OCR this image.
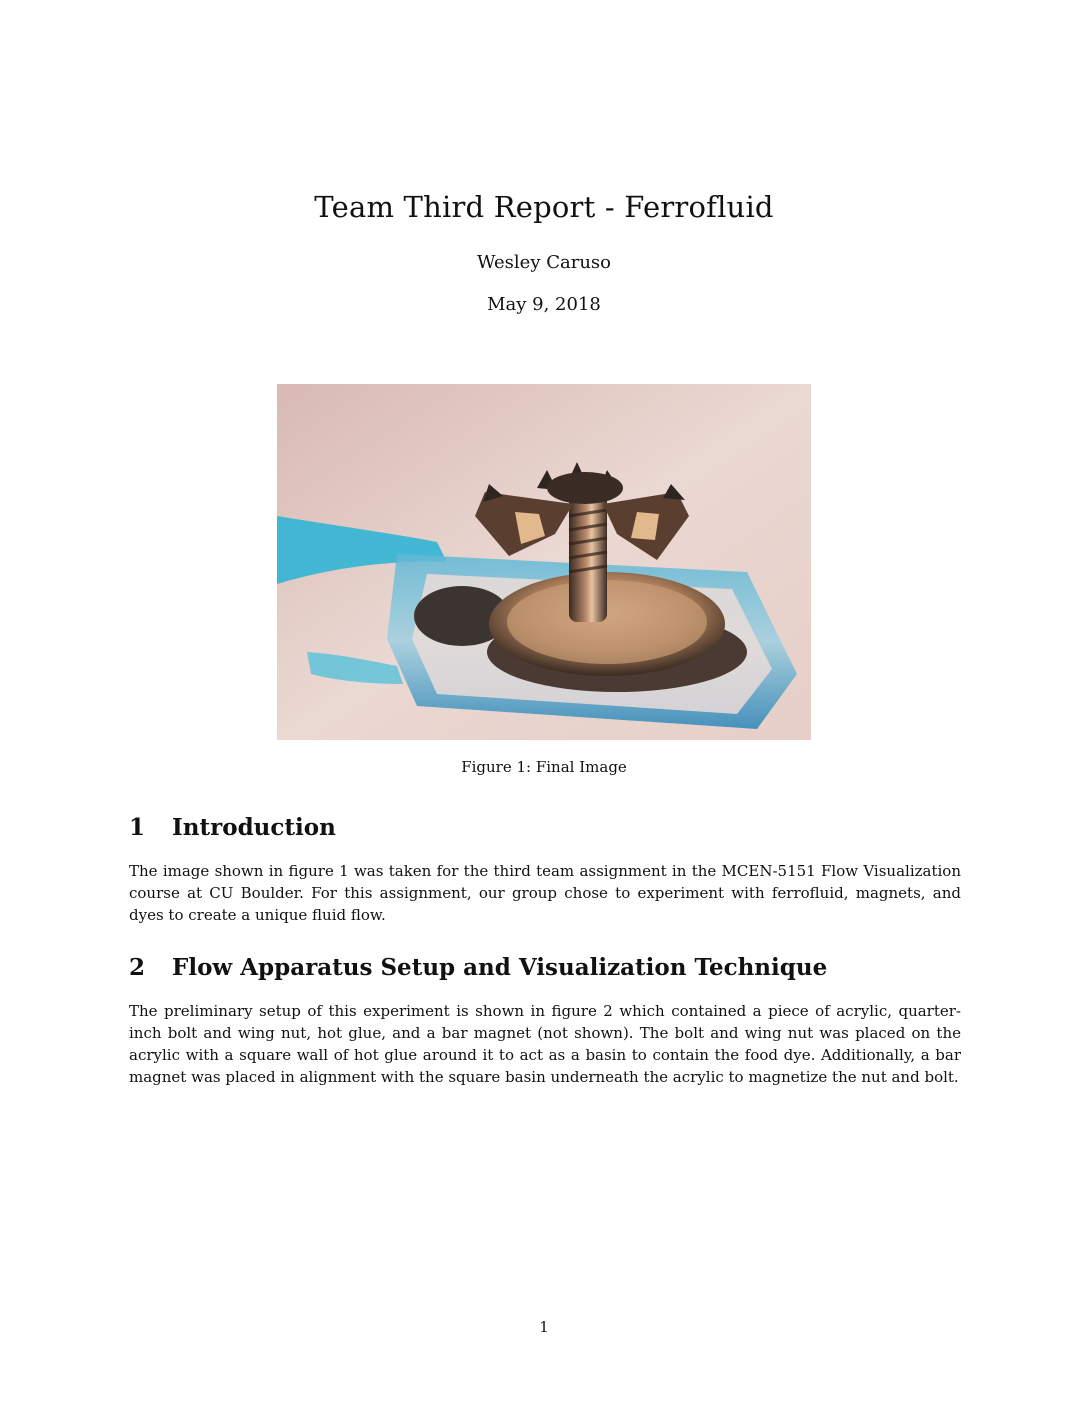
Team Third Report - Ferrofluid
Wesley Caruso
May 9, 2018
Figure 1: Final Image
1 Introduction

The image shown in figure 1 was taken for the third team assignment in the MCEN-5151 Flow Visualization course at CU Boulder. For this assignment, our group chose to experiment with ferrofluid, magnets, and dyes to create a unique fluid flow.

2 Flow Apparatus Setup and Visualization Technique

The preliminary setup of this experiment is shown in figure 2 which contained a piece of acrylic, quarter-inch bolt and wing nut, hot glue, and a bar magnet (not shown). The bolt and wing nut was placed on the acrylic with a square wall of hot glue around it to act as a basin to contain the food dye. Additionally, a bar magnet was placed in alignment with the square basin underneath the acrylic to magnetize the nut and bolt.

1
